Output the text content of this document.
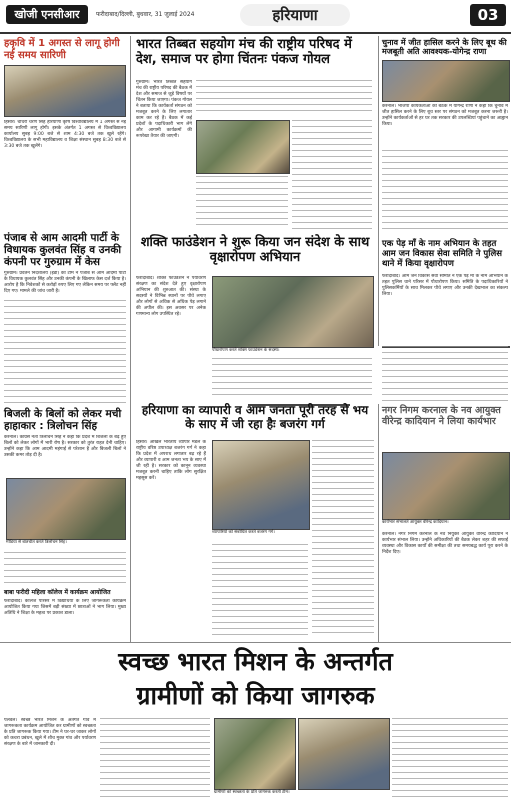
खोजी एनसीआर	फरीदाबाद/दिल्ली, बुधवार, 31 जुलाई 2024	हरियाणा	03
हकृवि में 1 अगस्त से लागू होगी नई समय सारिणी
हिसार। चौधरी चरण सिंह हरियाणा कृषि विश्वविद्यालय में 1 अगस्त से नई समय सारिणी लागू होगी। इसके अंतर्गत 1 अगस्त से विश्वविद्यालय कार्यालय सुबह 9:00 बजे से शाम 4:30 बजे तक खुले रहेंगे। विश्वविद्यालय के सभी महाविद्यालय व शिक्षा संस्थान सुबह 8:30 बजे से 3:30 बजे तक खुलेंगे।
पंजाब से आम आदमी पार्टी के विधायक कुलवंत सिंह व उनकी कंपनी पर गुरुग्राम में केस
गुरुग्राम। प्रवर्तन निदेशालय (ईडी) की टीम ने पंजाब से आम आदमी पार्टी के विधायक कुलवंत सिंह और उनकी कंपनी के खिलाफ केस दर्ज किया है। आरोप है कि निवेशकों से करोड़ों रुपए लिए गए लेकिन समय पर फ्लैट नहीं दिए गए। मामले की जांच जारी है।
बिजली के बिलों को लेकर मची हाहाकार : त्रिलोचन सिंह
करनाल। कांग्रेस नेता त्रिलोचन सिंह ने कहा कि प्रदेश में बिजली के बढ़े हुए बिलों को लेकर लोगों में भारी रोष है। सरकार को तुरंत राहत देनी चाहिए। उन्होंने कहा कि आम आदमी महंगाई से परेशान है और बिजली बिलों ने उसकी कमर तोड़ दी है।
मीडिया से बातचीत करते त्रिलोचन सिंह।
बाबा फरीदी महिला कॉलेज में कार्यक्रम आयोजित
फरीदाबाद। कॉलेज परिसर में विद्यार्थियों के लिए जागरूकता कार्यक्रम आयोजित किया गया जिसमें बड़ी संख्या में छात्राओं ने भाग लिया। मुख्य अतिथि ने शिक्षा के महत्व पर प्रकाश डाला।
भारत तिब्बत सहयोग मंच की राष्ट्रीय परिषद में देश, समाज पर होगा चिंतनः पंकज गोयल
गुरुग्राम। भारत तिब्बत सहयोग मंच की राष्ट्रीय परिषद की बैठक में देश और समाज से जुड़े विषयों पर चिंतन किया जाएगा। पंकज गोयल ने बताया कि कार्यकर्ता संगठन को मजबूत करने के लिए लगातार काम कर रहे हैं। बैठक में कई प्रदेशों के पदाधिकारी भाग लेंगे और आगामी कार्यक्रमों की रूपरेखा तैयार की जाएगी।
शक्ति फाउंडेशन ने शुरू किया जन संदेश के साथ वृक्षारोपण अभियान
फरीदाबाद। शक्ति फाउंडेशन ने पर्यावरण संरक्षण का संदेश देते हुए वृक्षारोपण अभियान की शुरुआत की। संस्था के सदस्यों ने विभिन्न स्थानों पर पौधे लगाए और लोगों से अधिक से अधिक पेड़ लगाने की अपील की। इस अवसर पर अनेक गणमान्य लोग उपस्थित रहे।
पौधारोपण करते शक्ति फाउंडेशन के सदस्य।
चुनाव में जीत हासिल करने के लिए बूथ की मजबूती अति आवश्यक-योगेन्द्र राणा
करनाल। भाजपा कार्यकर्ताओं की बैठक में योगेन्द्र राणा ने कहा कि चुनाव में जीत हासिल करने के लिए बूथ स्तर पर संगठन को मजबूत करना जरूरी है। उन्होंने कार्यकर्ताओं से हर घर तक सरकार की उपलब्धियां पहुंचाने का आह्वान किया।
एक पेड़ माँ के नाम अभियान के तहत आम जन विकास सेवा समिति ने पुलिस थाने में किया वृक्षारोपण
फरीदाबाद। आम जन विकास सेवा समिति ने एक पेड़ माँ के नाम अभियान के तहत पुलिस थाने परिसर में पौधारोपण किया। समिति के पदाधिकारियों ने पुलिसकर्मियों के साथ मिलकर पौधे लगाए और उनकी देखभाल का संकल्प लिया।
हरियाणा का व्यापारी व आम जनता पूरी तरह से भय के साए में जी रहा हैः बजरंग गर्ग
हिसार। अखिल भारतीय व्यापार मंडल के राष्ट्रीय वरिष्ठ उपाध्यक्ष बजरंग गर्ग ने कहा कि प्रदेश में अपराध लगातार बढ़ रहे हैं और व्यापारी व आम जनता भय के साए में जी रही है। सरकार को कानून व्यवस्था मजबूत करनी चाहिए ताकि लोग सुरक्षित महसूस करें।
व्यापारियों को संबोधित करते बजरंग गर्ग।
नगर निगम करनाल के नव आयुक्त वीरेन्द्र कादियान ने लिया कार्यभार
कार्यभार संभालते आयुक्त वीरेन्द्र कादियान।
करनाल। नगर निगम करनाल के नव नियुक्त आयुक्त वीरेन्द्र कादियान ने कार्यभार संभाल लिया। उन्होंने अधिकारियों की बैठक लेकर शहर की सफाई व्यवस्था और विकास कार्यों की समीक्षा की तथा समयबद्ध कार्य पूरा करने के निर्देश दिए।
स्वच्छ भारत मिशन के अन्तर्गत
ग्रामीणों को किया जागरुक
पलवल। स्वच्छ भारत मिशन के अंतर्गत गांव में जागरूकता कार्यक्रम आयोजित कर ग्रामीणों को स्वच्छता के प्रति जागरूक किया गया। टीम ने घर-घर जाकर लोगों को कचरा प्रबंधन, खुले में शौच मुक्त गांव और पर्यावरण संरक्षण के बारे में जानकारी दी।
ग्रामीणों को स्वच्छता के प्रति जागरुक करती टीम।
